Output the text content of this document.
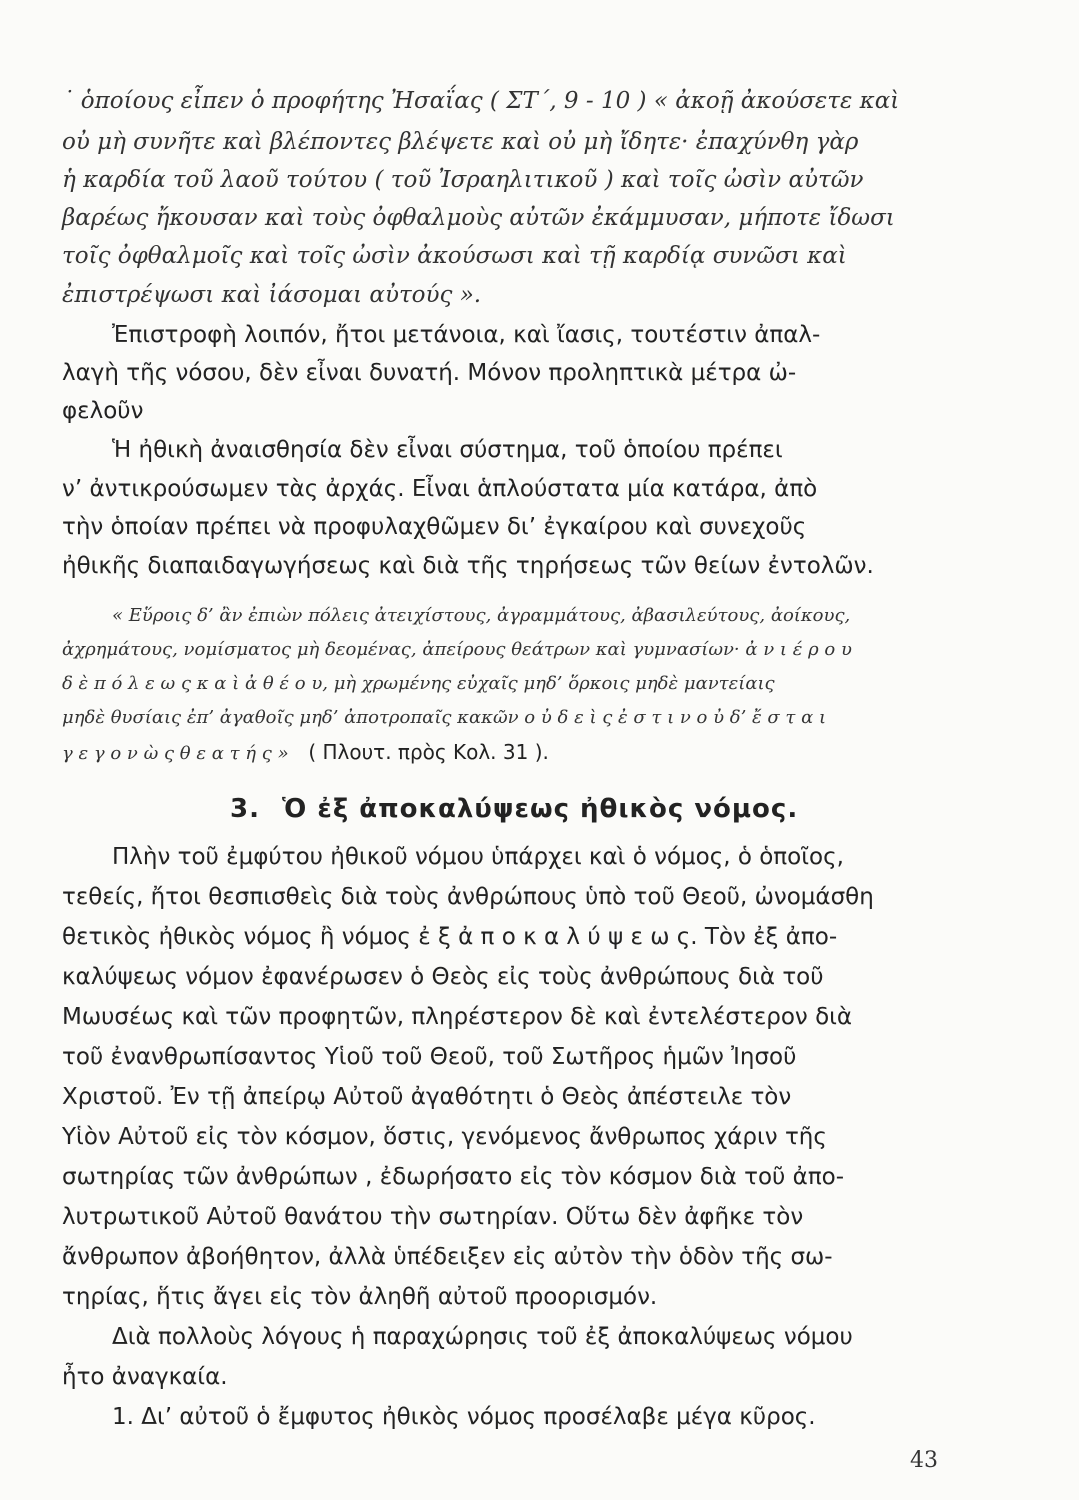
˙ ὁποίους εἶπεν ὁ προφήτης Ἠσαΐας ( ΣΤ΄, 9 - 10 ) « ἀκοῇ ἀκούσετε καὶ
οὐ μὴ συνῆτε καὶ βλέποντες βλέψετε καὶ οὐ μὴ ἴδητε· ἐπαχύνθη γὰρ
ἡ καρδία τοῦ λαοῦ τούτου ( τοῦ Ἰσραηλιτικοῦ ) καὶ τοῖς ὠσὶν αὐτῶν
βαρέως ἤκουσαν καὶ τοὺς ὀφθαλμοὺς αὐτῶν ἐκάμμυσαν, μήποτε ἴδωσι
τοῖς ὀφθαλμοῖς καὶ τοῖς ὠσὶν ἀκούσωσι καὶ τῇ καρδίᾳ συνῶσι καὶ
ἐπιστρέψωσι καὶ ἰάσομαι αὐτούς ».
Ἐπιστροφὴ λοιπόν, ἤτοι μετάνοια, καὶ ἴασις, τουτέστιν ἀπαλ-
λαγὴ τῆς νόσου, δὲν εἶναι δυνατή. Μόνον προληπτικὰ μέτρα ὠ-
φελοῦν
Ἡ ἠθικὴ ἀναισθησία δὲν εἶναι σύστημα, τοῦ ὁποίου πρέπει
ν’ ἀντικρούσωμεν τὰς ἀρχάς. Εἶναι ἁπλούστατα μία κατάρα, ἀπὸ
τὴν ὁποίαν πρέπει νὰ προφυλαχθῶμεν δι’ ἐγκαίρου καὶ συνεχοῦς
ἠθικῆς διαπαιδαγωγήσεως καὶ διὰ τῆς τηρήσεως τῶν θείων ἐντολῶν.
« Εὕροις δ’ ἂν ἐπιὼν πόλεις ἀτειχίστους, ἀγραμμάτους, ἀβασιλεύτους, ἀοίκους,
ἀχρημάτους, νομίσματος μὴ δεομένας, ἀπείρους θεάτρων καὶ γυμνασίων· ἀ ν ι έ ρ ο υ
δ ὲ π ό λ ε ω ς κ α ὶ ἀ θ έ ο υ, μὴ χρωμένης εὐχαῖς μηδ’ ὅρκοις μηδὲ μαντείαις
μηδὲ θυσίαις ἐπ’ ἀγαθοῖς μηδ’ ἀποτροπαῖς κακῶν ο ὐ δ ε ὶ ς ἐ σ τ ι ν ο ὐ δ’ ἔ σ τ α ι
γ ε γ ο ν ὼ ς θ ε α τ ή ς » ( Πλουτ. πρὸς Κολ. 31 ).
3. Ὁ ἐξ ἀποκαλύψεως ἠθικὸς νόμος.
Πλὴν τοῦ ἐμφύτου ἠθικοῦ νόμου ὑπάρχει καὶ ὁ νόμος, ὁ ὁποῖος,
τεθείς, ἤτοι θεσπισθεὶς διὰ τοὺς ἀνθρώπους ὑπὸ τοῦ Θεοῦ, ὠνομάσθη
θετικὸς ἠθικὸς νόμος ἢ νόμος ἐ ξ ἀ π ο κ α λ ύ ψ ε ω ς. Τὸν ἐξ ἀπο-
καλύψεως νόμον ἐφανέρωσεν ὁ Θεὸς εἰς τοὺς ἀνθρώπους διὰ τοῦ
Μωυσέως καὶ τῶν προφητῶν, πληρέστερον δὲ καὶ ἐντελέστερον διὰ
τοῦ ἐνανθρωπίσαντος Υἱοῦ τοῦ Θεοῦ, τοῦ Σωτῆρος ἡμῶν Ἰησοῦ
Χριστοῦ. Ἐν τῇ ἀπείρῳ Αὐτοῦ ἀγαθότητι ὁ Θεὸς ἀπέστειλε τὸν
Υἱὸν Αὐτοῦ εἰς τὸν κόσμον, ὅστις, γενόμενος ἄνθρωπος χάριν τῆς
σωτηρίας τῶν ἀνθρώπων , ἐδωρήσατο εἰς τὸν κόσμον διὰ τοῦ ἀπο-
λυτρωτικοῦ Αὐτοῦ θανάτου τὴν σωτηρίαν. Οὕτω δὲν ἀφῆκε τὸν
ἄνθρωπον ἀβοήθητον, ἀλλὰ ὑπέδειξεν εἰς αὐτὸν τὴν ὁδὸν τῆς σω-
τηρίας, ἥτις ἄγει εἰς τὸν ἀληθῆ αὐτοῦ προορισμόν.
Διὰ πολλοὺς λόγους ἡ παραχώρησις τοῦ ἐξ ἀποκαλύψεως νόμου
ἦτο ἀναγκαία.
1. Δι’ αὐτοῦ ὁ ἔμφυτος ἠθικὸς νόμος προσέλαβε μέγα κῦρος.
43
